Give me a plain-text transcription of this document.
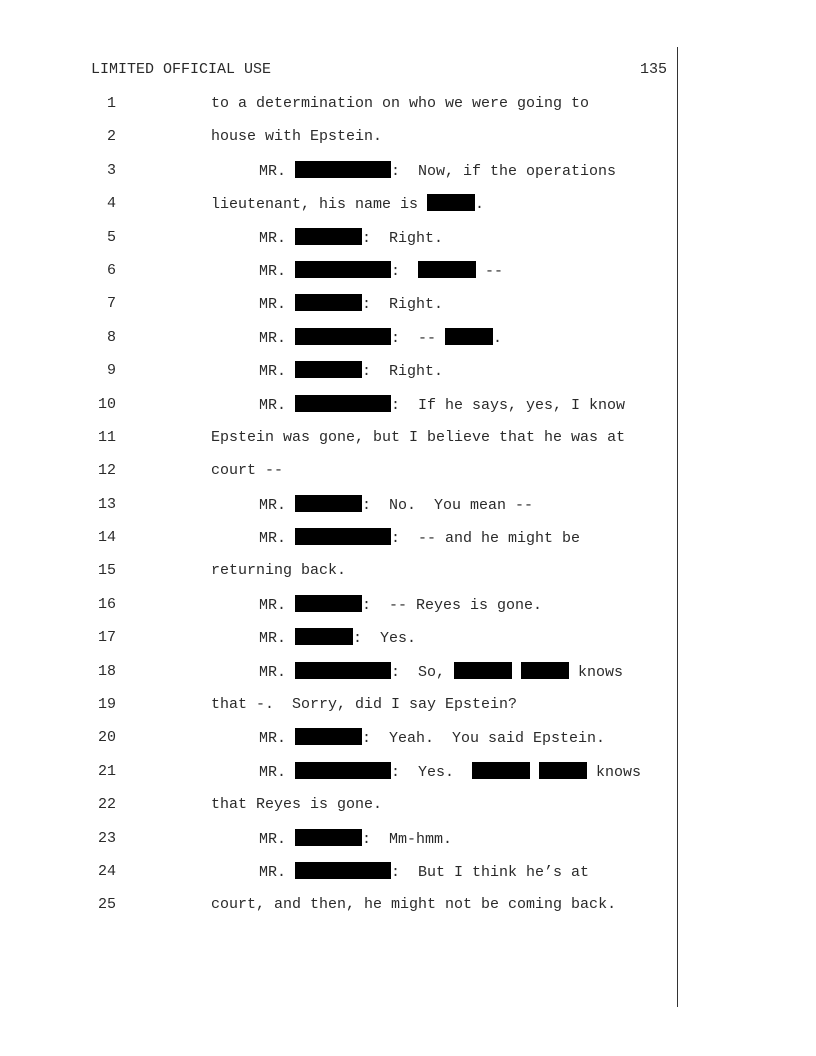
LIMITED OFFICIAL USE	135
1	to a determination on who we were going to
2	house with Epstein.
3	MR.	:  Now, if the operations
4	lieutenant, his name is	.
5	MR.	:  Right.
6	MR.	:	--
7	MR.	:  Right.
8	MR.	:  --	.
9	MR.	:  Right.
10	MR.	:  If he says, yes, I know
11	Epstein was gone, but I believe that he was at
12	court --
13	MR.	:  No.  You mean --
14	MR.	:  -- and he might be
15	returning back.
16	MR.	:  -- Reyes is gone.
17	MR.	:  Yes.
18	MR.	:  So,	knows
19	that -.  Sorry, did I say Epstein?
20	MR.	:  Yeah.  You said Epstein.
21	MR.	:  Yes.	knows
22	that Reyes is gone.
23	MR.	:  Mm-hmm.
24	MR.	:  But I think he’s at
25	court, and then, he might not be coming back.
